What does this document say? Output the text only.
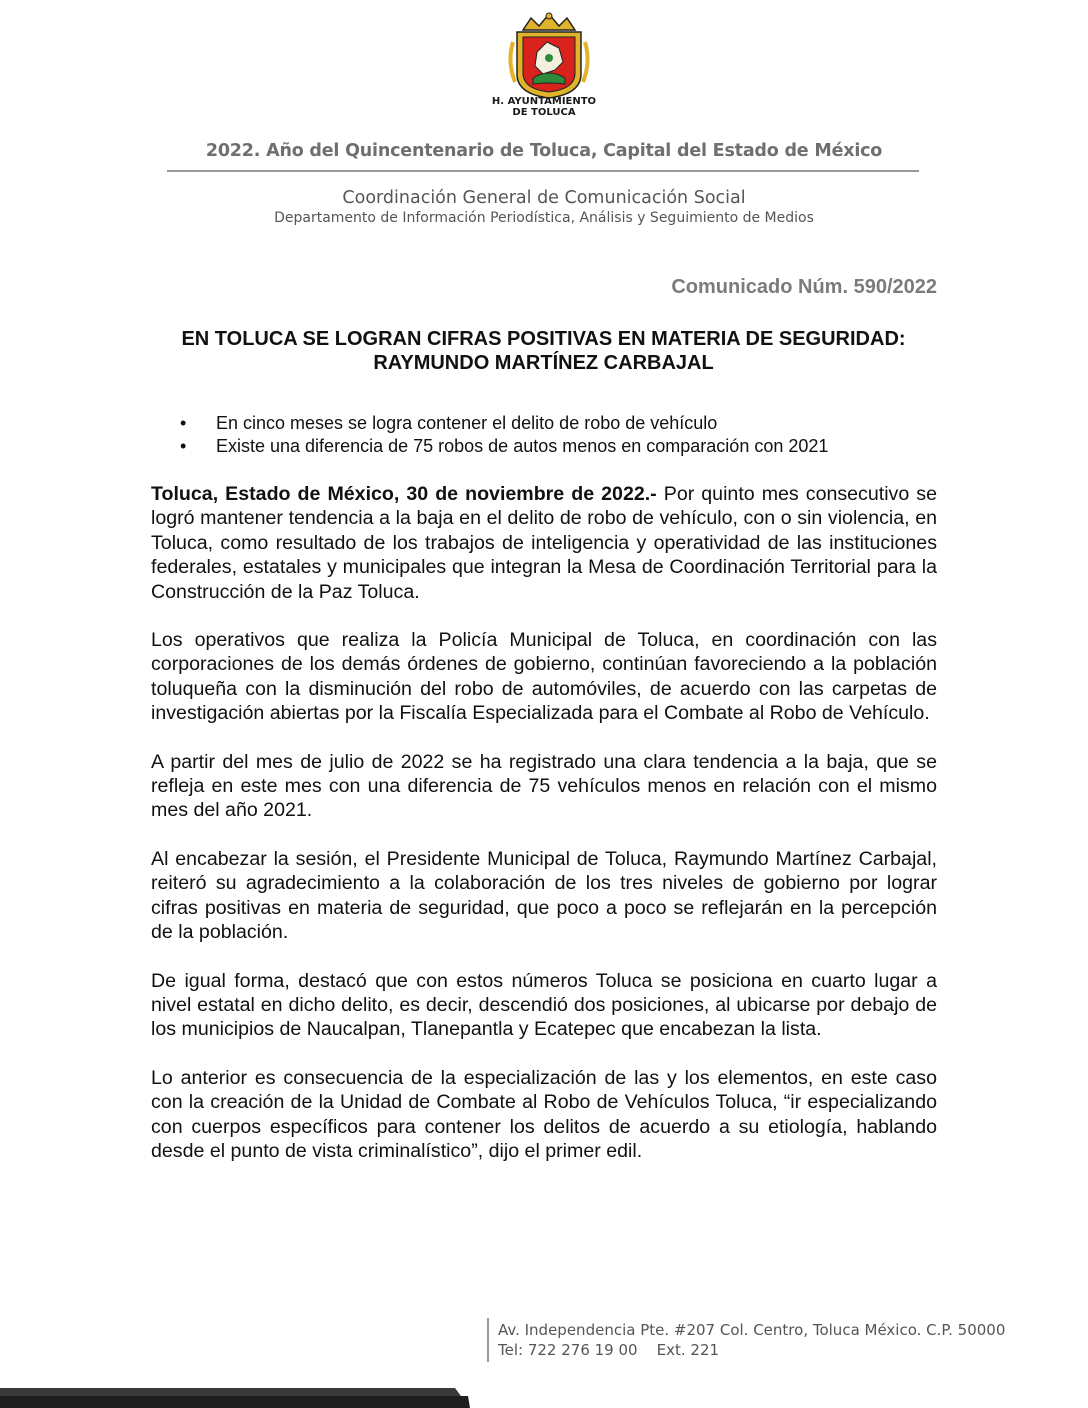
H. AYUNTAMIENTO
DE TOLUCA
2022. Año del Quincentenario de Toluca, Capital del Estado de México
Coordinación General de Comunicación Social
Departamento de Información Periodística, Análisis y Seguimiento de Medios
Comunicado Núm. 590/2022
EN TOLUCA SE LOGRAN CIFRAS POSITIVAS EN MATERIA DE SEGURIDAD:
RAYMUNDO MARTÍNEZ CARBAJAL
• En cinco meses se logra contener el delito de robo de vehículo
• Existe una diferencia de 75 robos de autos menos en comparación con 2021

Toluca, Estado de México, 30 de noviembre de 2022.- Por quinto mes consecutivo se logró mantener tendencia a la baja en el delito de robo de vehículo, con o sin violencia, en Toluca, como resultado de los trabajos de inteligencia y operatividad de las instituciones federales, estatales y municipales que integran la Mesa de Coordinación Territorial para la Construcción de la Paz Toluca.

Los operativos que realiza la Policía Municipal de Toluca, en coordinación con las corporaciones de los demás órdenes de gobierno, continúan favoreciendo a la población toluqueña con la disminución del robo de automóviles, de acuerdo con las carpetas de investigación abiertas por la Fiscalía Especializada para el Combate al Robo de Vehículo.

A partir del mes de julio de 2022 se ha registrado una clara tendencia a la baja, que se refleja en este mes con una diferencia de 75 vehículos menos en relación con el mismo mes del año 2021.

Al encabezar la sesión, el Presidente Municipal de Toluca, Raymundo Martínez Carbajal, reiteró su agradecimiento a la colaboración de los tres niveles de gobierno por lograr cifras positivas en materia de seguridad, que poco a poco se reflejarán en la percepción de la población.

De igual forma, destacó que con estos números Toluca se posiciona en cuarto lugar a nivel estatal en dicho delito, es decir, descendió dos posiciones, al ubicarse por debajo de los municipios de Naucalpan, Tlanepantla y Ecatepec que encabezan la lista.

Lo anterior es consecuencia de la especialización de las y los elementos, en este caso con la creación de la Unidad de Combate al Robo de Vehículos Toluca, “ir especializando con cuerpos específicos para contener los delitos de acuerdo a su etiología, hablando desde el punto de vista criminalístico”, dijo el primer edil.

Av. Independencia Pte. #207 Col. Centro, Toluca México. C.P. 50000
Tel: 722 276 19 00    Ext. 221
